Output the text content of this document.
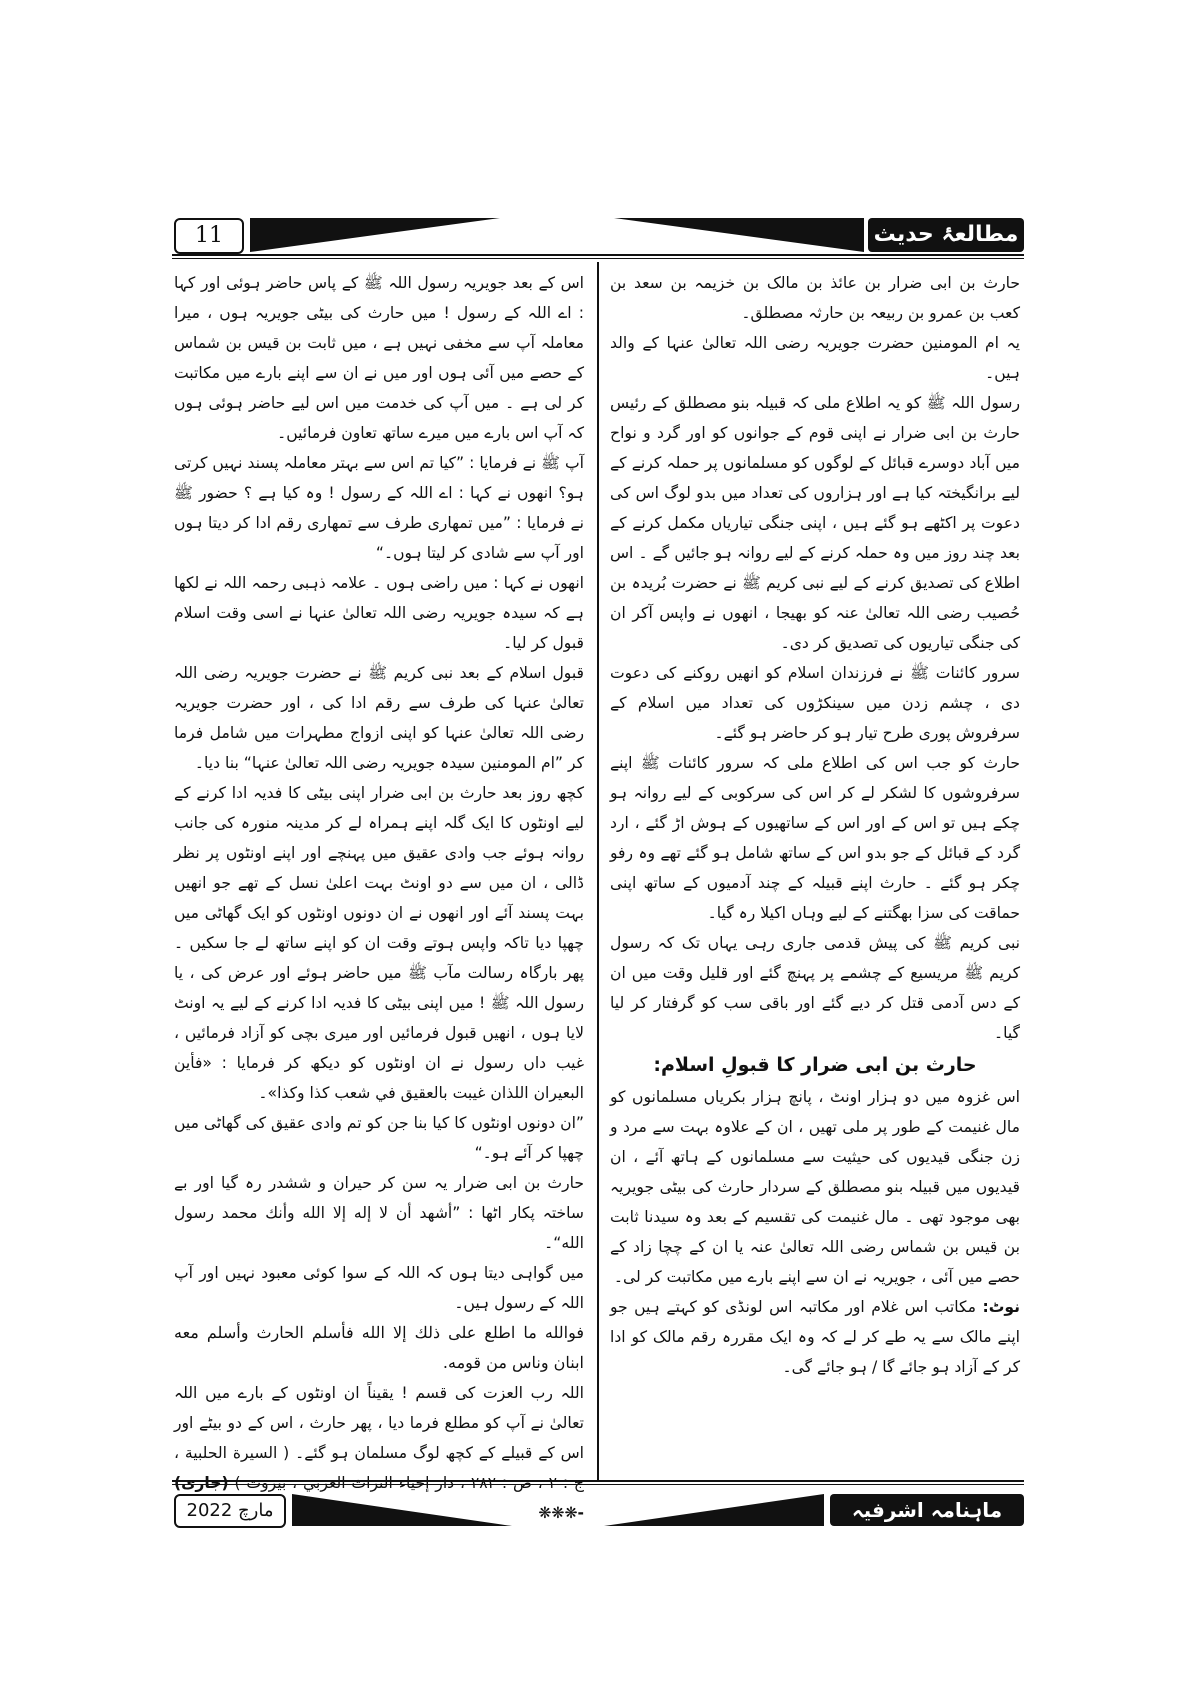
11	مطالعۂ حدیث

حارث بن ابی ضرار بن عائذ بن مالک بن خزیمہ بن سعد بن کعب بن عمرو بن ربیعہ بن حارثہ مصطلق۔

یہ ام المومنین حضرت جویریہ رضی اللہ تعالیٰ عنہا کے والد ہیں۔

رسول اللہ ﷺ کو یہ اطلاع ملی کہ قبیلہ بنو مصطلق کے رئیس حارث بن ابی ضرار نے اپنی قوم کے جوانوں کو اور گرد و نواح میں آباد دوسرے قبائل کے لوگوں کو مسلمانوں پر حملہ کرنے کے لیے برانگیختہ کیا ہے اور ہزاروں کی تعداد میں بدو لوگ اس کی دعوت پر اکٹھے ہو گئے ہیں ، اپنی جنگی تیاریاں مکمل کرنے کے بعد چند روز میں وہ حملہ کرنے کے لیے روانہ ہو جائیں گے ۔ اس اطلاع کی تصدیق کرنے کے لیے نبی کریم ﷺ نے حضرت بُریدہ بن حُصیب رضی اللہ تعالیٰ عنہ کو بھیجا ، انھوں نے واپس آکر ان کی جنگی تیاریوں کی تصدیق کر دی۔

سرور کائنات ﷺ نے فرزندان اسلام کو انھیں روکنے کی دعوت دی ، چشم زدن میں سینکڑوں کی تعداد میں اسلام کے سرفروش پوری طرح تیار ہو کر حاضر ہو گئے۔

حارث کو جب اس کی اطلاع ملی کہ سرور کائنات ﷺ اپنے سرفروشوں کا لشکر لے کر اس کی سرکوبی کے لیے روانہ ہو چکے ہیں تو اس کے اور اس کے ساتھیوں کے ہوش اڑ گئے ، ارد گرد کے قبائل کے جو بدو اس کے ساتھ شامل ہو گئے تھے وہ رفو چکر ہو گئے ۔ حارث اپنے قبیلہ کے چند آدمیوں کے ساتھ اپنی حماقت کی سزا بھگتنے کے لیے وہاں اکیلا رہ گیا۔

نبی کریم ﷺ کی پیش قدمی جاری رہی یہاں تک کہ رسول کریم ﷺ مریسیع کے چشمے پر پہنچ گئے اور قلیل وقت میں ان کے دس آدمی قتل کر دیے گئے اور باقی سب کو گرفتار کر لیا گیا۔

حارث بن ابی ضرار کا قبولِ اسلام:

اس غزوہ میں دو ہزار اونٹ ، پانچ ہزار بکریاں مسلمانوں کو مال غنیمت کے طور پر ملی تھیں ، ان کے علاوہ بہت سے مرد و زن جنگی قیدیوں کی حیثیت سے مسلمانوں کے ہاتھ آئے ، ان قیدیوں میں قبیلہ بنو مصطلق کے سردار حارث کی بیٹی جویریہ بھی موجود تھی ۔ مال غنیمت کی تقسیم کے بعد وہ سیدنا ثابت بن قیس بن شماس رضی اللہ تعالیٰ عنہ یا ان کے چچا زاد کے حصے میں آئی ، جویریہ نے ان سے اپنے بارے میں مکاتبت کر لی۔

نوٹ: مکاتب اس غلام اور مکاتبہ اس لونڈی کو کہتے ہیں جو اپنے مالک سے یہ طے کر لے کہ وہ ایک مقررہ رقم مالک کو ادا کر کے آزاد ہو جائے گا / ہو جائے گی۔

اس کے بعد جویریہ رسول اللہ ﷺ کے پاس حاضر ہوئی اور کہا : اے اللہ کے رسول ! میں حارث کی بیٹی جویریہ ہوں ، میرا معاملہ آپ سے مخفی نہیں ہے ، میں ثابت بن قیس بن شماس کے حصے میں آئی ہوں اور میں نے ان سے اپنے بارے میں مکاتبت کر لی ہے ۔ میں آپ کی خدمت میں اس لیے حاضر ہوئی ہوں کہ آپ اس بارے میں میرے ساتھ تعاون فرمائیں۔

آپ ﷺ نے فرمایا : ”کیا تم اس سے بہتر معاملہ پسند نہیں کرتی ہو؟ انھوں نے کہا : اے اللہ کے رسول ! وہ کیا ہے ؟ حضور ﷺ نے فرمایا : ”میں تمھاری طرف سے تمھاری رقم ادا کر دیتا ہوں اور آپ سے شادی کر لیتا ہوں۔“

انھوں نے کہا : میں راضی ہوں ۔ علامہ ذہبی رحمہ اللہ نے لکھا ہے کہ سیدہ جویریہ رضی اللہ تعالیٰ عنہا نے اسی وقت اسلام قبول کر لیا۔

قبول اسلام کے بعد نبی کریم ﷺ نے حضرت جویریہ رضی اللہ تعالیٰ عنہا کی طرف سے رقم ادا کی ، اور حضرت جویریہ رضی اللہ تعالیٰ عنہا کو اپنی ازواج مطہرات میں شامل فرما کر ”ام المومنین سیدہ جویریہ رضی اللہ تعالیٰ عنہا“ بنا دیا۔

کچھ روز بعد حارث بن ابی ضرار اپنی بیٹی کا فدیہ ادا کرنے کے لیے اونٹوں کا ایک گلہ اپنے ہمراہ لے کر مدینہ منورہ کی جانب روانہ ہوئے جب وادی عقیق میں پہنچے اور اپنے اونٹوں پر نظر ڈالی ، ان میں سے دو اونٹ بہت اعلیٰ نسل کے تھے جو انھیں بہت پسند آئے اور انھوں نے ان دونوں اونٹوں کو ایک گھاٹی میں چھپا دیا تاکہ واپس ہوتے وقت ان کو اپنے ساتھ لے جا سکیں ۔ پھر بارگاہ رسالت مآب ﷺ میں حاضر ہوئے اور عرض کی ، یا رسول اللہ ﷺ ! میں اپنی بیٹی کا فدیہ ادا کرنے کے لیے یہ اونٹ لایا ہوں ، انھیں قبول فرمائیں اور میری بچی کو آزاد فرمائیں ، غیب داں رسول نے ان اونٹوں کو دیکھ کر فرمایا : «فأين البعيران اللذان غيبت بالعقيق في شعب كذا وكذا»۔

”ان دونوں اونٹوں کا کیا بنا جن کو تم وادی عقیق کی گھاٹی میں چھپا کر آئے ہو۔“

حارث بن ابی ضرار یہ سن کر حیران و ششدر رہ گیا اور بے ساختہ پکار اٹھا : ”أشهد أن لا إله إلا الله وأنك محمد رسول الله“۔

میں گواہی دیتا ہوں کہ اللہ کے سوا کوئی معبود نہیں اور آپ اللہ کے رسول ہیں۔

فوالله ما اطلع على ذلك إلا الله فأسلم الحارث وأسلم معه ابنان وناس من قومه.

اللہ رب العزت کی قسم ! یقیناً ان اونٹوں کے بارے میں اللہ تعالیٰ نے آپ کو مطلع فرما دیا ، پھر حارث ، اس کے دو بیٹے اور اس کے قبیلے کے کچھ لوگ مسلمان ہو گئے۔ ( السيرة الحلبية ، ج : ٢ ، ص : ٢٨٢ ، دار إحياء التراث العربي ، بيروت ) (جاری) -❋❋❋

مارچ 2022	ماہنامہ اشرفیہ
